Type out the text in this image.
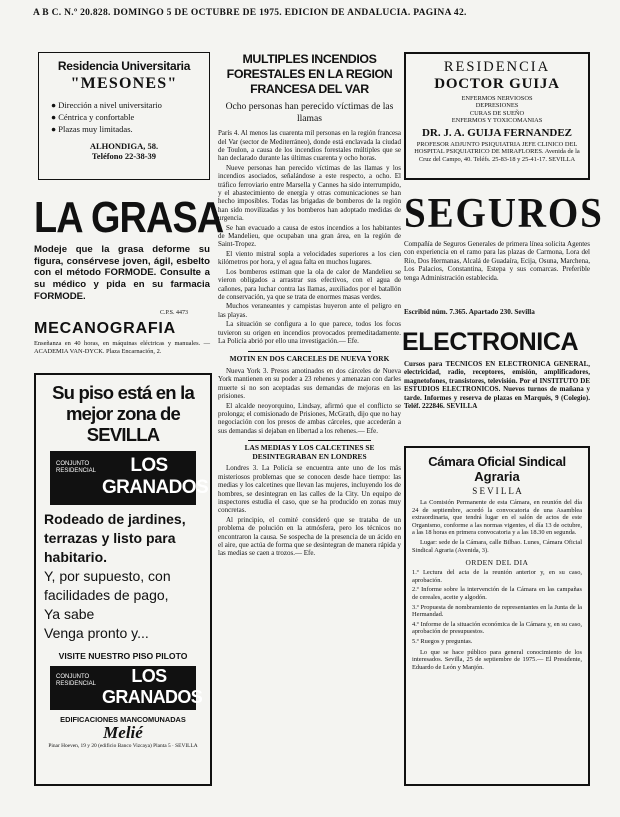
A B C. N.º 20.828. DOMINGO 5 DE OCTUBRE DE 1975. EDICION DE ANDALUCIA. PAGINA 42.
Residencia Universitaria
"MESONES"
● Dirección a nivel universitario
● Céntrica y confortable
● Plazas muy limitadas.
ALHONDIGA, 58.
Teléfono 22-38-39
LA GRASA
Modeje que la grasa deforme su figura, consérvese joven, ágil, esbelto con el método FORMODE. Consulte a su médico y pida en su farmacia FORMODE.
C.P.S. 4473
MECANOGRAFIA
Enseñanza en 40 horas, en máquinas eléctricas y manuales. — ACADEMIA VAN-DYCK. Plaza Encarnación, 2.
Su piso está en la
mejor zona de
SEVILLA
CONJUNTO RESIDENCIAL	LOS GRANADOS
Rodeado de jardines,
terrazas y listo para
habitario.
Y, por supuesto, con
facilidades de pago,
Ya sabe
Venga pronto y...
VISITE NUESTRO PISO PILOTO
CONJUNTO RESIDENCIAL	LOS GRANADOS
EDIFICACIONES MANCOMUNADAS
Melié
Pinar Hoeven, 19 y 20 (edificio Banco Vizcaya) Planta 5 · SEVILLA
MULTIPLES INCENDIOS FORESTALES EN LA REGION FRANCESA DEL VAR
Ocho personas han perecido víctimas de las llamas

París 4. Al menos las cuarenta mil personas en la región francesa del Var (sector de Mediterráneo), donde está enclavada la ciudad de Toulon, a causa de los incendios forestales múltiples que se han declarado durante las últimas cuarenta y ocho horas.

Nueve personas han perecido víctimas de las llamas y los incendios asociados, señalándose a este respecto, a ocho. El tráfico ferroviario entre Marsella y Cannes ha sido interrumpido, y el abastecimiento de energía y otras comunicaciones se han hecho imposibles. Todas las brigadas de bomberos de la región han sido movilizadas y los bomberos han adoptado medidas de urgencia.

Se han evacuado a causa de estos incendios a los habitantes de Mandelieu, que ocupaban una gran área, en la región de Saint-Tropez.

El viento mistral sopla a velocidades superiores a los cien kilómetros por hora, y el agua falta en muchos lugares.

Los bomberos estiman que la ola de calor de Mandelieu se vieron obligados a arrastrar sus efectivos, con el agua de cañones, para luchar contra las llamas, auxiliados por el batallón de conservación, ya que se trata de enormes masas verdes.

Muchos veraneantes y campistas huyeron ante el peligro en las playas.

La situación se configura a lo que parece, todos los focos tuvieron su origen en incendios provocados premeditadamente. La Policía abrió por ello una investigación.— Efe.

MOTIN EN DOS CARCELES DE NUEVA YORK

Nueva York 3. Presos amotinados en dos cárceles de Nueva York mantienen en su poder a 23 rehenes y amenazan con darles muerte si no son aceptadas sus demandas de mejoras en las prisiones.

El alcalde neoyorquino, Lindsay, afirmó que el conflicto se prolonga; el comisionado de Prisiones, McGrath, dijo que no hay negociación con los presos de ambas cárceles, que accederán a sus demandas si dejaban en libertad a los rehenes.— Efe.

LAS MEDIAS Y LOS CALCETINES SE DESINTEGRABAN EN LONDRES

Londres 3. La Policía se encuentra ante uno de los más misteriosos problemas que se conocen desde hace tiempo: las medias y los calcetines que llevan las mujeres, incluyendo los de hombres, se desintegran en las calles de la City. Un equipo de inspectores estudia el caso, que se ha producido en zonas muy concretas.

Al principio, el comité consideró que se trataba de un problema de polución en la atmósfera, pero los técnicos no encontraron la causa. Se sospecha de la presencia de un ácido en el aire, que actúa de forma que se desintegran de manera rápida y las medias se caen a trozos.— Efe.

RESIDENCIA
DOCTOR GUIJA
ENFERMOS NERVIOSOS
DEPRESIONES
CURAS DE SUEÑO
ENFERMOS Y TOXICOMANIAS
DR. J. A. GUIJA FERNANDEZ
PROFESOR ADJUNTO PSIQUIATRIA JEFE CLINICO DEL HOSPITAL PSIQUIATRICO DE MIRAFLORES. Avenida de la Cruz del Campo, 40. Teléfs. 25-83-18 y 25-41-17. SEVILLA
SEGUROS
Compañía de Seguros Generales de primera línea solicita Agentes con experiencia en el ramo para las plazas de Carmona, Lora del Río, Dos Hermanas, Alcalá de Guadaíra, Ecija, Osuna, Marchena, Los Palacios, Constantina, Estepa y sus comarcas. Preferible tenga Administración establecida.
Escribid núm. 7.365. Apartado 230. Sevilla
ELECTRONICA
Cursos para TECNICOS EN ELECTRONICA GENERAL, electricidad, radio, receptores, emisión, amplificadores, magnetofones, transistores, televisión. Por el INSTITUTO DE ESTUDIOS ELECTRONICOS. Nuevos turnos de mañana y tarde. Informes y reserva de plazas en Marqués, 9 (Colegio). Teléf. 222846. SEVILLA
Cámara Oficial Sindical
Agraria
S E V I L L A

La Comisión Permanente de esta Cámara, en reunión del día 24 de septiembre, acordó la convocatoria de una Asamblea extraordinaria, que tendrá lugar en el salón de actos de este Organismo, conforme a las normas vigentes, el día 13 de octubre, a las 18 horas en primera convocatoria y a las 18.30 en segunda.

Lugar: sede de la Cámara, calle Bilbao. Lunes, Cámara Oficial Sindical Agraria (Avenida, 3).

ORDEN DEL DIA
1.º Lectura del acta de la reunión anterior y, en su caso, aprobación.
2.º Informe sobre la intervención de la Cámara en las campañas de cereales, aceite y algodón.
3.º Propuesta de nombramiento de representantes en la Junta de la Hermandad.
4.º Informe de la situación económica de la Cámara y, en su caso, aprobación de presupuestos.
5.º Ruegos y preguntas.

Lo que se hace público para general conocimiento de los interesados. Sevilla, 25 de septiembre de 1975.— El Presidente, Eduardo de León y Manjón.
